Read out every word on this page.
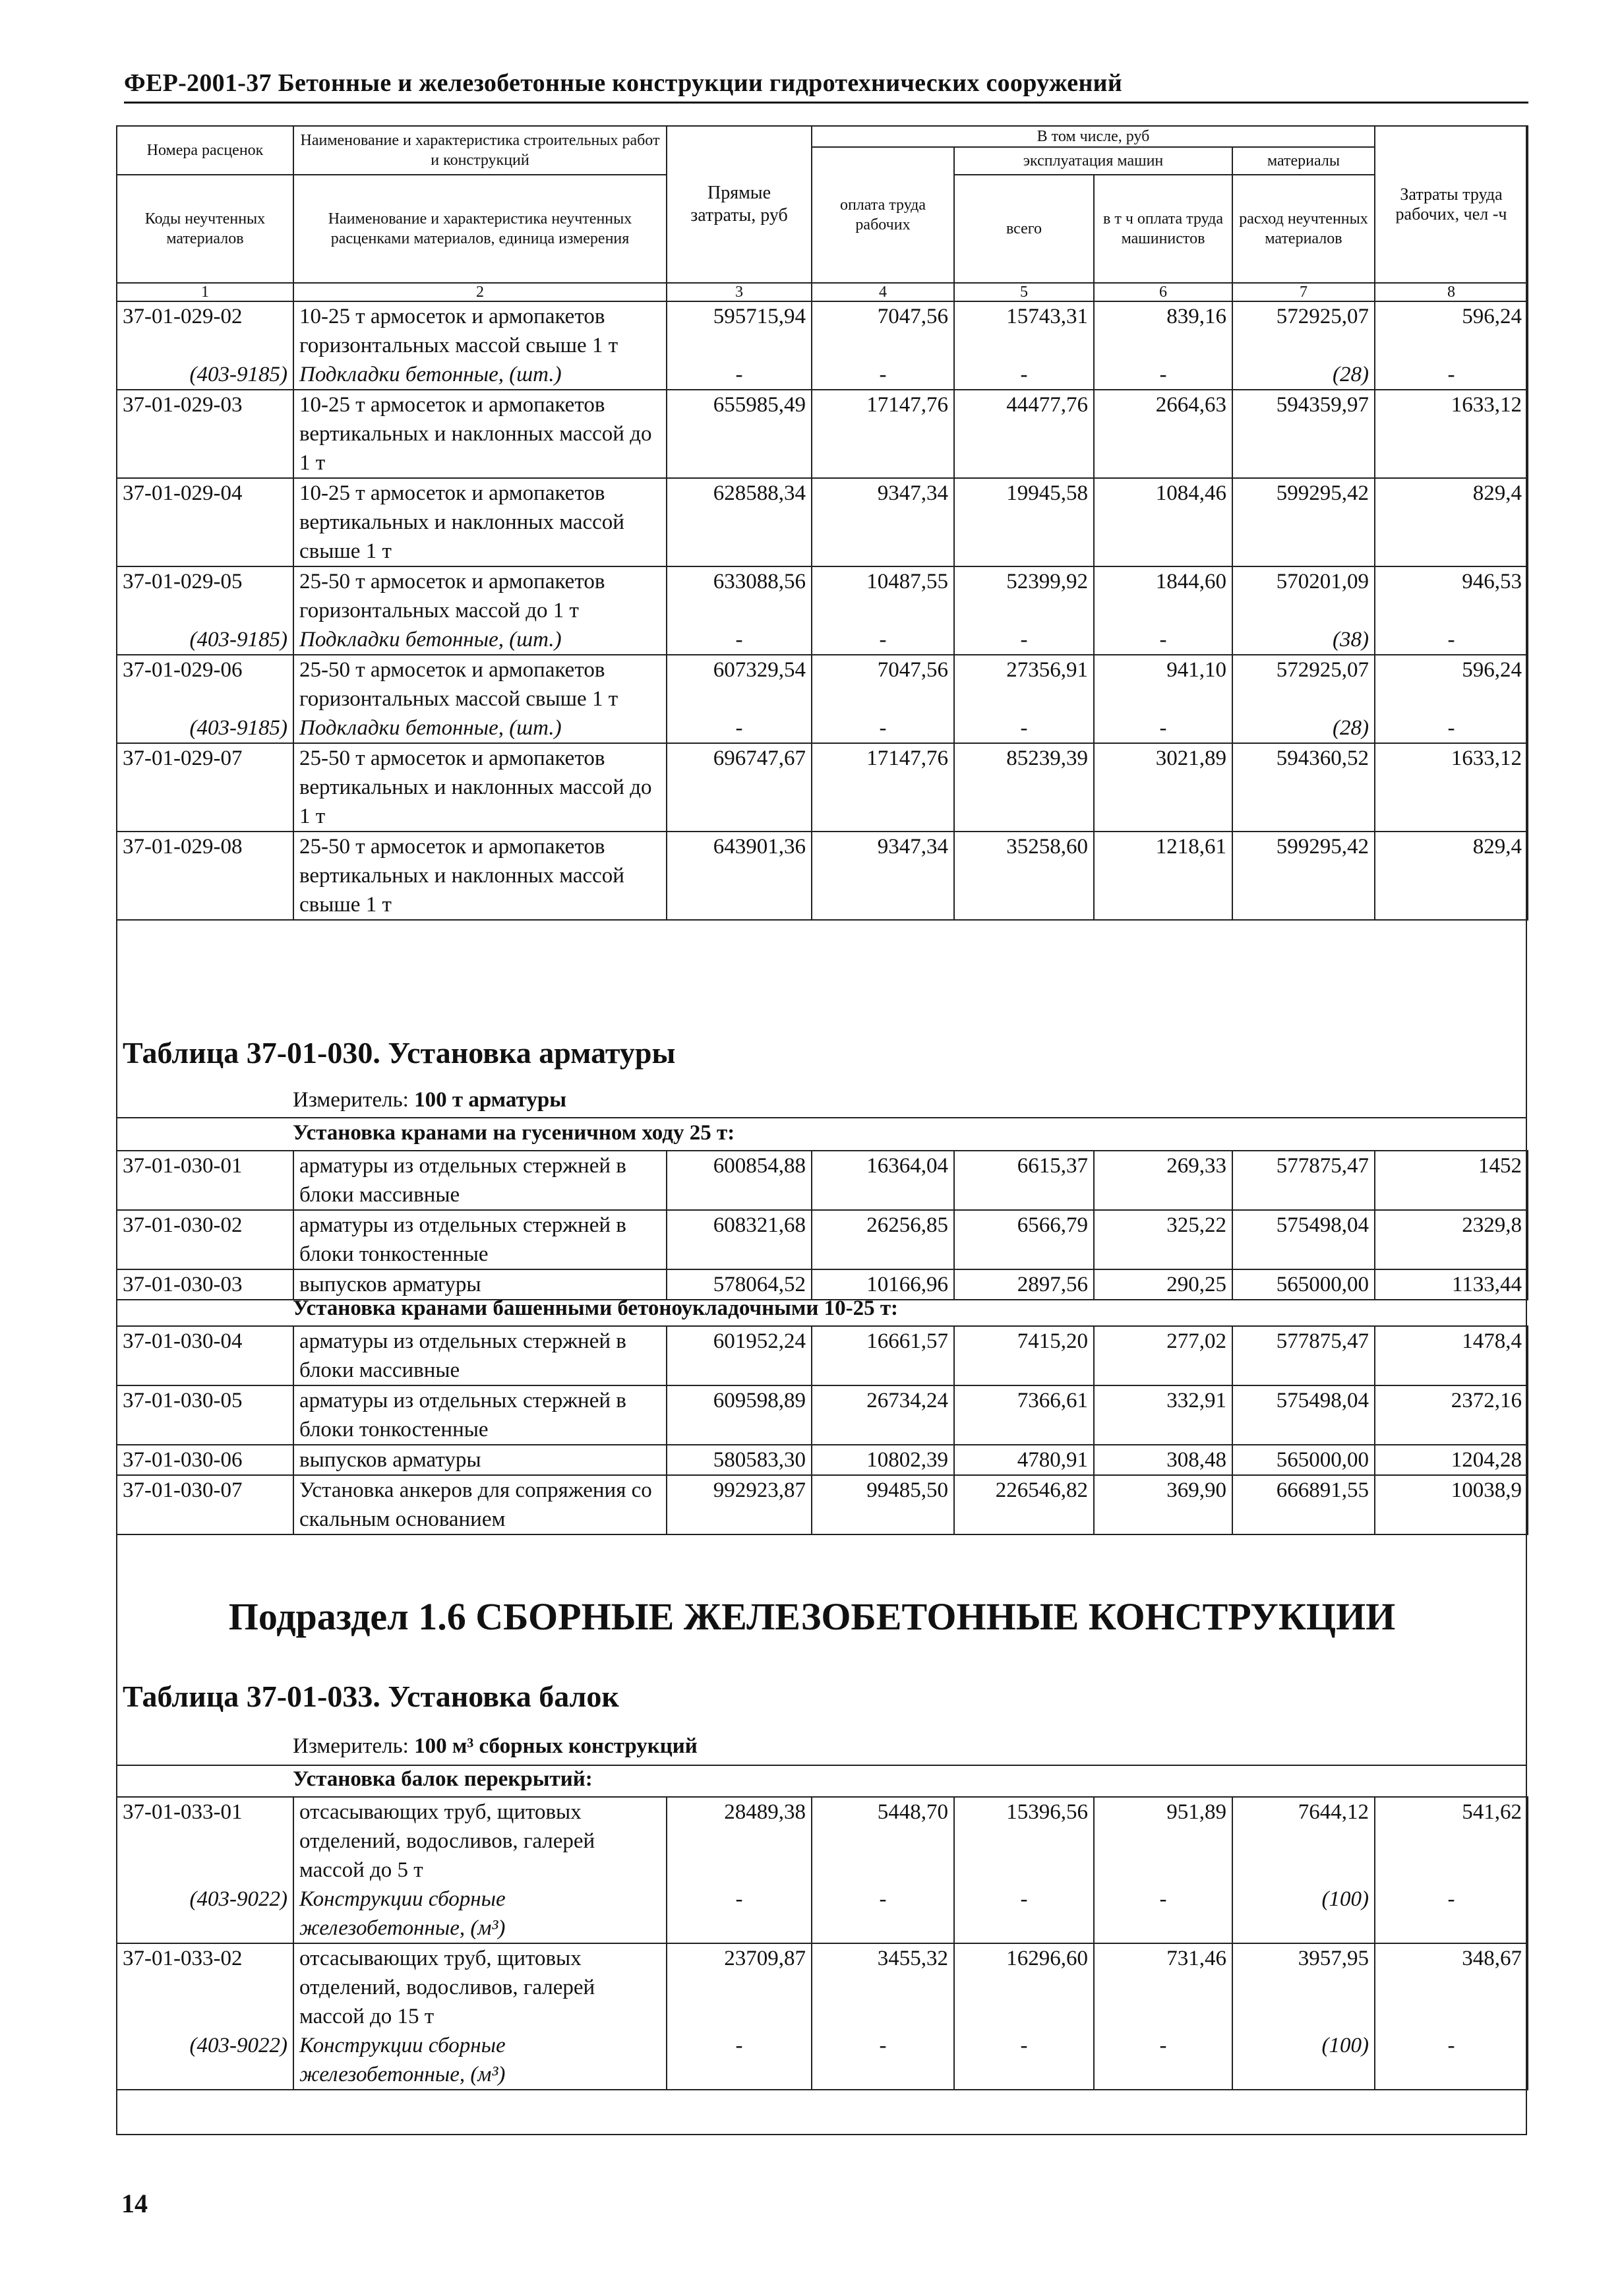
ФЕР-2001-37 Бетонные и железобетонные конструкции гидротехнических сооружений
Номера расценок	Наименование и характеристика строительных работ и конструкций	Прямые затраты, руб	В том числе, руб				Затраты труда рабочих, чел -ч
			оплата труда рабочих	эксплуатация машин		материалы	
Коды неучтенных материалов	Наименование и характеристика неучтенных расценками материалов, единица измерения			всего	в т ч оплата труда машинистов	расход неучтенных материалов	

1	2	3	4	5	6	7	8
37-01-029-02	10-25 т армосеток и армопакетов горизонтальных массой свыше 1 т	595715,94	7047,56	15743,31	839,16	572925,07	596,24
(403-9185)	Подкладки бетонные, (шт.)	-	-	-	-	(28)	-
37-01-029-03	10-25 т армосеток и армопакетов вертикальных и наклонных массой до 1 т	655985,49	17147,76	44477,76	2664,63	594359,97	1633,12
37-01-029-04	10-25 т армосеток и армопакетов вертикальных и наклонных массой свыше 1 т	628588,34	9347,34	19945,58	1084,46	599295,42	829,4
37-01-029-05	25-50 т армосеток и армопакетов горизонтальных массой до 1 т	633088,56	10487,55	52399,92	1844,60	570201,09	946,53
(403-9185)	Подкладки бетонные, (шт.)	-	-	-	-	(38)	-
37-01-029-06	25-50 т армосеток и армопакетов горизонтальных массой свыше 1 т	607329,54	7047,56	27356,91	941,10	572925,07	596,24
(403-9185)	Подкладки бетонные, (шт.)	-	-	-	-	(28)	-
37-01-029-07	25-50 т армосеток и армопакетов вертикальных и наклонных массой до 1 т	696747,67	17147,76	85239,39	3021,89	594360,52	1633,12
37-01-029-08	25-50 т армосеток и армопакетов вертикальных и наклонных массой свыше 1 т	643901,36	9347,34	35258,60	1218,61	599295,42	829,4
Таблица 37-01-030. Установка арматуры
Измеритель: 100 т арматуры
Установка кранами на гусеничном ходу 25 т:
37-01-030-01	арматуры из отдельных стержней в блоки массивные	600854,88	16364,04	6615,37	269,33	577875,47	1452
37-01-030-02	арматуры из отдельных стержней в блоки тонкостенные	608321,68	26256,85	6566,79	325,22	575498,04	2329,8
37-01-030-03	выпусков арматуры	578064,52	10166,96	2897,56	290,25	565000,00	1133,44
Установка кранами башенными бетоноукладочными 10-25 т:
37-01-030-04	арматуры из отдельных стержней в блоки массивные	601952,24	16661,57	7415,20	277,02	577875,47	1478,4
37-01-030-05	арматуры из отдельных стержней в блоки тонкостенные	609598,89	26734,24	7366,61	332,91	575498,04	2372,16
37-01-030-06	выпусков арматуры	580583,30	10802,39	4780,91	308,48	565000,00	1204,28
37-01-030-07	Установка анкеров для сопряжения со скальным основанием	992923,87	99485,50	226546,82	369,90	666891,55	10038,9
Подраздел 1.6 СБОРНЫЕ ЖЕЛЕЗОБЕТОННЫЕ КОНСТРУКЦИИ
Таблица 37-01-033. Установка балок
Измеритель: 100 м³ сборных конструкций
Установка балок перекрытий:
37-01-033-01	отсасывающих труб, щитовых отделений, водосливов, галерей массой до 5 т	28489,38	5448,70	15396,56	951,89	7644,12	541,62
(403-9022)	Конструкции сборные железобетонные, (м³)	-	-	-	-	(100)	-
37-01-033-02	отсасывающих труб, щитовых отделений, водосливов, галерей массой до 15 т	23709,87	3455,32	16296,60	731,46	3957,95	348,67
(403-9022)	Конструкции сборные железобетонные, (м³)	-	-	-	-	(100)	-
14
